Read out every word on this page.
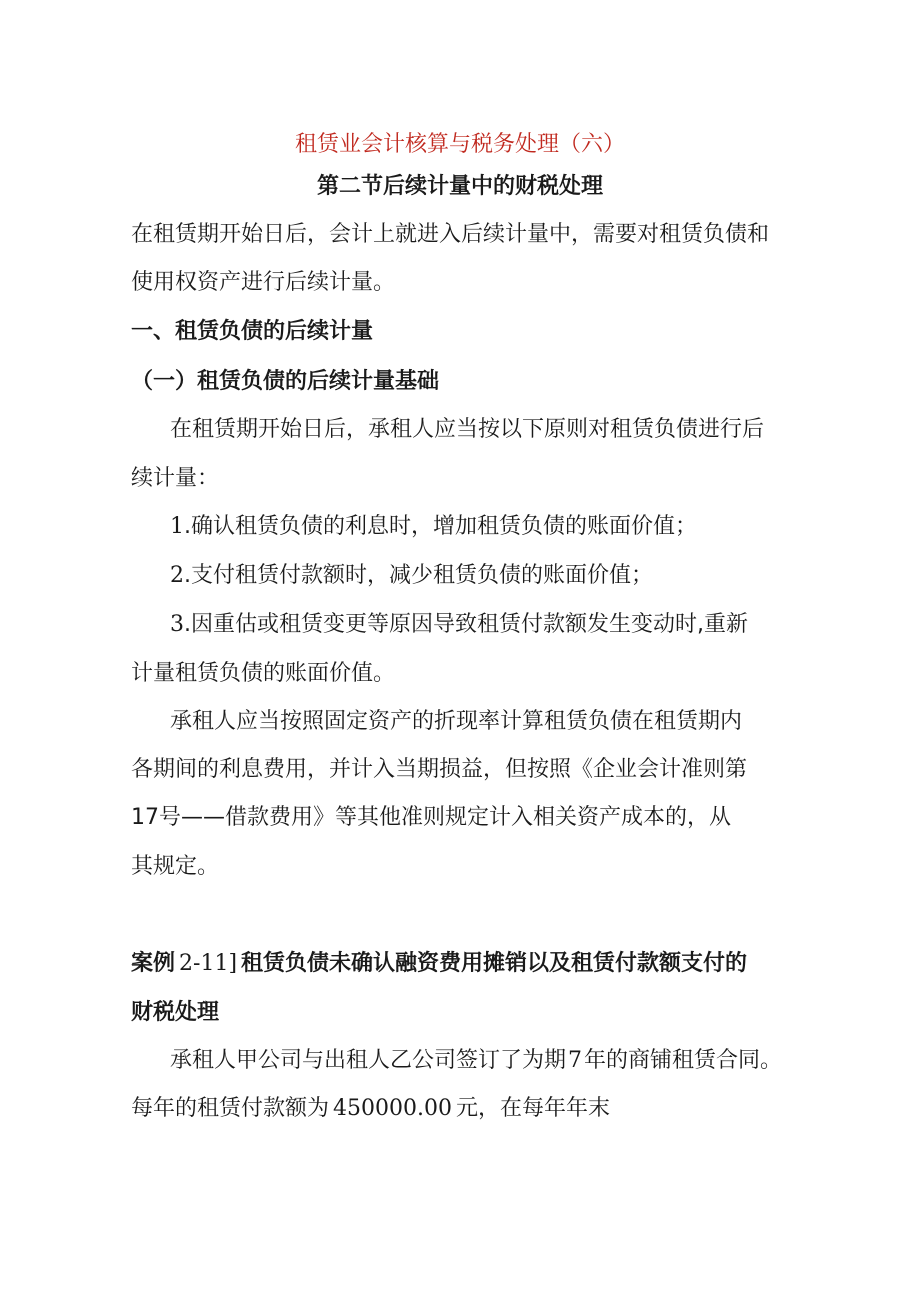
租赁业会计核算与税务处理（六）
第二节后续计量中的财税处理
在租赁期开始日后，会计上就进入后续计量中，需要对租赁负债和
使用权资产进行后续计量。
一、租赁负债的后续计量
（一）租赁负债的后续计量基础
在租赁期开始日后，承租人应当按以下原则对租赁负债进行后
续计量：
1.确认租赁负债的利息时，增加租赁负债的账面价值；
2.支付租赁付款额时，减少租赁负债的账面价值；
3.因重估或租赁变更等原因导致租赁付款额发生变动时,重新
计量租赁负债的账面价值。
承租人应当按照固定资产的折现率计算租赁负债在租赁期内
各期间的利息费用，并计入当期损益，但按照《企业会计准则第
17号——借款费用》等其他准则规定计入相关资产成本的，从
其规定。
案例 2-11] 租赁负债未确认融资费用摊销以及租赁付款额支付的
财税处理
承租人甲公司与出租人乙公司签订了为期7年的商铺租赁合同。
每年的租赁付款额为 450000.00 元，在每年年末
